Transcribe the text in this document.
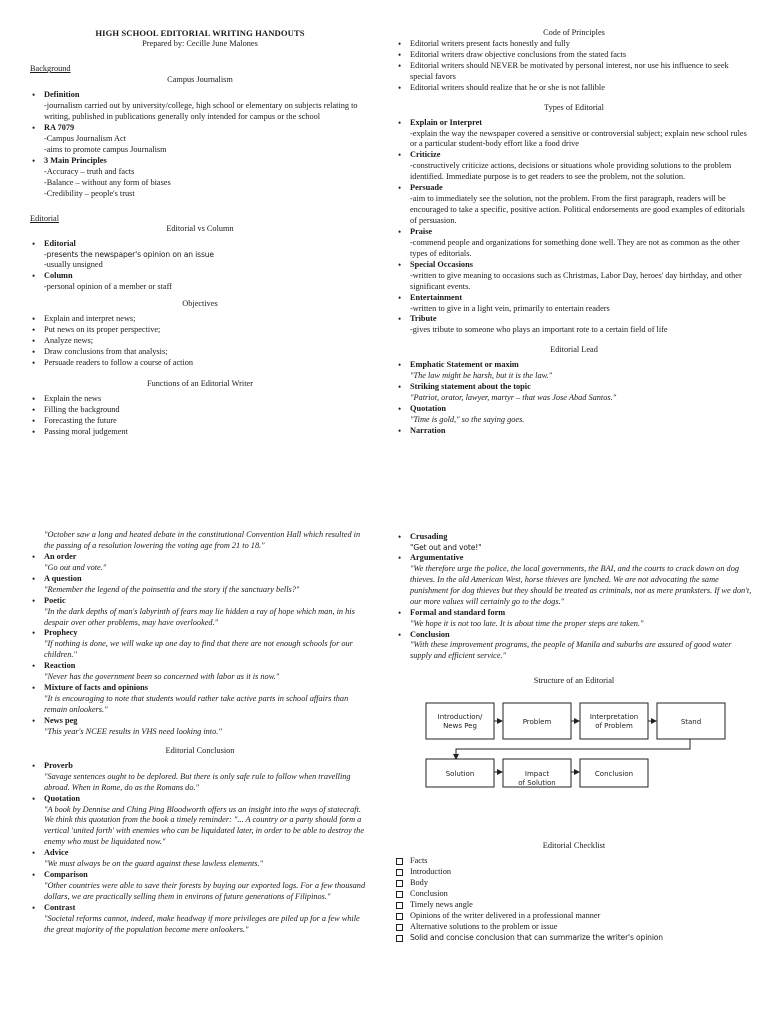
HIGH SCHOOL EDITORIAL WRITING HANDOUTS
Prepared by: Cecille June Malones
Background
Campus Journalism
• Definition
-journalism carried out by university/college, high school or elementary on subjects relating to writing, published in publications generally only intended for campus or the school
• RA 7079
-Campus Journalism Act
-aims to promote campus Journalism
• 3 Main Principles
-Accuracy – truth and facts
-Balance – without any form of biases
-Credibility – people's trust
Editorial
Editorial vs Column
• Editorial
-presents the newspaper's opinion on an issue
-usually unsigned
• Column
-personal opinion of a member or staff
Objectives
• Explain and interpret news;
• Put news on its proper perspective;
• Analyze news;
• Draw conclusions from that analysis;
• Persuade readers to follow a course of action
Functions of an Editorial Writer
• Explain the news
• Filling the background
• Forecasting the future
• Passing moral judgement
Code of Principles
• Editorial writers present facts honestly and fully
• Editorial writers draw objective conclusions from the stated facts
• Editorial writers should NEVER be motivated by personal interest, nor use his influence to seek special favors
• Editorial writers should realize that he or she is not fallible
Types of Editorial
• Explain or Interpret
-explain the way the newspaper covered a sensitive or controversial subject; explain new school rules or a particular student-body effort like a food drive
• Criticize
-constructively criticize actions, decisions or situations whole providing solutions to the problem identified. Immediate purpose is to get readers to see the problem, not the solution.
• Persuade
-aim to immediately see the solution, not the problem. From the first paragraph, readers will be encouraged to take a specific, positive action. Political endorsements are good examples of editorials of persuasion.
• Praise
-commend people and organizations for something done well. They are not as common as the other types of editorials.
• Special Occasions
-written to give meaning to occasions such as Christmas, Labor Day, heroes' day birthday, and other significant events.
• Entertainment
-written to give in a light vein, primarily to entertain readers
• Tribute
-gives tribute to someone who plays an important rote to a certain field of life
Editorial Lead
• Emphatic Statement or maxim
"The law might be harsh, but it is the law."
• Striking statement about the topic
"Patriot, orator, lawyer, martyr – that was Jose Abad Santos."
• Quotation
"Time is gold," so the saying goes.
• Narration
"October saw a long and heated debate in the constitutional Convention Hall which resulted in the passing of a resolution lowering the voting age from 21 to 18."
• An order
"Go out and vote."
• A question
"Remember the legend of the poinsettia and the story if the sanctuary bells?"
• Poetic
"In the dark depths of man's labyrinth of fears may lie hidden a ray of hope which man, in his despair over other problems, may have overlooked."
• Prophecy
"If nothing is done, we will wake up one day to find that there are not enough schools for our children."
• Reaction
"Never has the government been so concerned with labor as it is now."
• Mixture of facts and opinions
"It is encouraging to note that students would rather take active parts in school affairs than remain onlookers."
• News peg
"This year's NCEE results in VHS need looking into."
Editorial Conclusion
• Proverb
"Savage sentences ought to be deplored. But there is only safe rule to follow when travelling abroad. When in Rome, do as the Romans do."
• Quotation
"A book by Dennise and Ching Ping Bloodworth offers us an insight into the ways of statecraft. We think this quotation from the book a timely reminder: "... A country or a party should form a vertical 'united forth' with enemies who can be liquidated later, in order to be able to destroy the enemy who must be liquidated now."
• Advice
"We must always be on the guard against these lawless elements."
• Comparison
"Other countries were able to save their forests by buying our exported logs. For a few thousand dollars, we are practically selling them in environs of future generations of Filipinos."
• Contrast
"Societal reforms cannot, indeed, make headway if more privileges are piled up for a few while the great majority of the population become mere onlookers."
• Crusading
"Get out and vote!"
• Argumentative
"We therefore urge the police, the local governments, the BAI, and the courts to crack down on dog thieves. In the old American West, horse thieves are lynched. We are not advocating the same punishment for dog thieves but they should be treated as criminals, not as mere pranksters. If we don't, our more values will certainly go to the dogs."
• Formal and standard form
"We hope it is not too late. It is about time the proper steps are taken."
• Conclusion
"With these improvement programs, the people of Manila and suburbs are assured of good water supply and efficient service."
Structure of an Editorial
Introduction/ News Peg	Problem
Interpretation of Problem	Stand
Solution	Impact of Solution
Conclusion
Editorial Checklist
Facts
Introduction
Body
Conclusion
Timely news angle
Opinions of the writer delivered in a professional manner
Alternative solutions to the problem or issue
Solid and concise conclusion that can summarize the writer's opinion
